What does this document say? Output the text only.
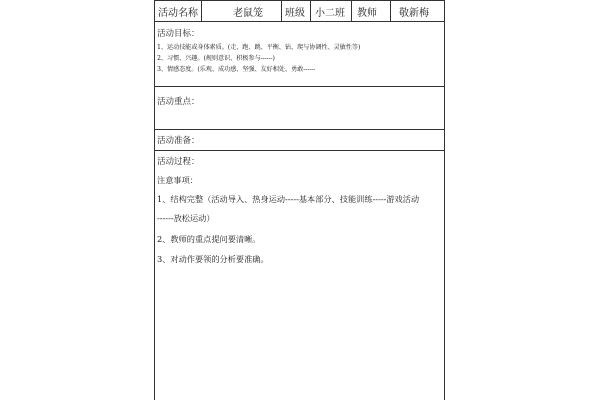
活动名称	老鼠笼 班级 小二班 教师 敬新梅
活动目标：
1、运动技能或身体素质。(走、跑、跳、平衡、钻、爬与协调性、灵敏性等)
2、习惯、兴趣。(规则意识、积极参与------)
3、情感态度。(乐观、成功感、坚强、友好相处、勇敢------
活动重点：
活动准备：
活动过程：
注意事项：
1、结构完整（活动导入、热身运动-----基本部分、技能训练-----游戏活动
------放松运动）
2、教师的重点提问要清晰。
3、对动作要领的分析要准确。
